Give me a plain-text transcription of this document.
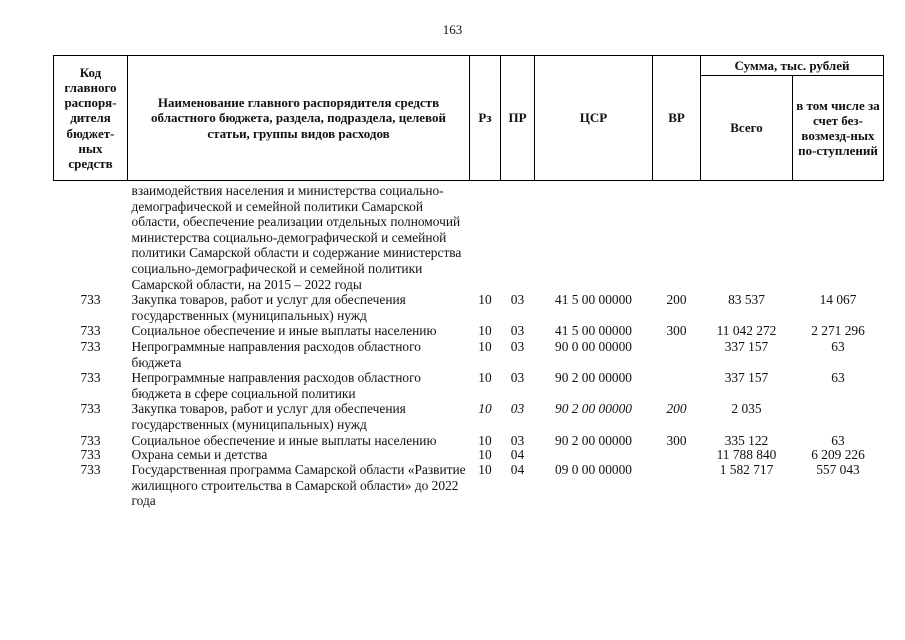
163
Код главного распоря-дителя бюджет-ных средств	Наименование главного распорядителя средств областного бюджета, раздела, подраздела, целевой статьи, группы видов расходов	Рз	ПР	ЦСР	ВР	Сумма, тыс. рублей	
						Всего	в том числе за счет без-возмезд-ных по-ступлений
	взаимодействия населения и министерства социально-демографической и семейной политики Самарской области, обеспечение реализации отдельных полномочий министерства социально-демографической и семейной политики Самарской области и содержание министерства социально-демографической и семейной политики Самарской области, на 2015 – 2022 годы						
733	Закупка товаров, работ и услуг для обеспечения государственных (муниципальных) нужд	10	03	41 5 00 00000	200	83 537	14 067
733	Социальное обеспечение и иные выплаты населению	10	03	41 5 00 00000	300	11 042 272	2 271 296
733	Непрограммные направления расходов областного бюджета	10	03	90 0 00 00000		337 157	63
733	Непрограммные направления расходов областного бюджета в сфере социальной политики	10	03	90 2 00 00000		337 157	63
733	Закупка товаров, работ и услуг для обеспечения государственных (муниципальных) нужд	10	03	90 2 00 00000	200	2 035	
733	Социальное обеспечение и иные выплаты населению	10	03	90 2 00 00000	300	335 122	63
733	Охрана семьи и детства	10	04			11 788 840	6 209 226
733	Государственная программа Самарской области «Развитие жилищного строительства в Самарской области» до 2022 года	10	04	09 0 00 00000		1 582 717	557 043
